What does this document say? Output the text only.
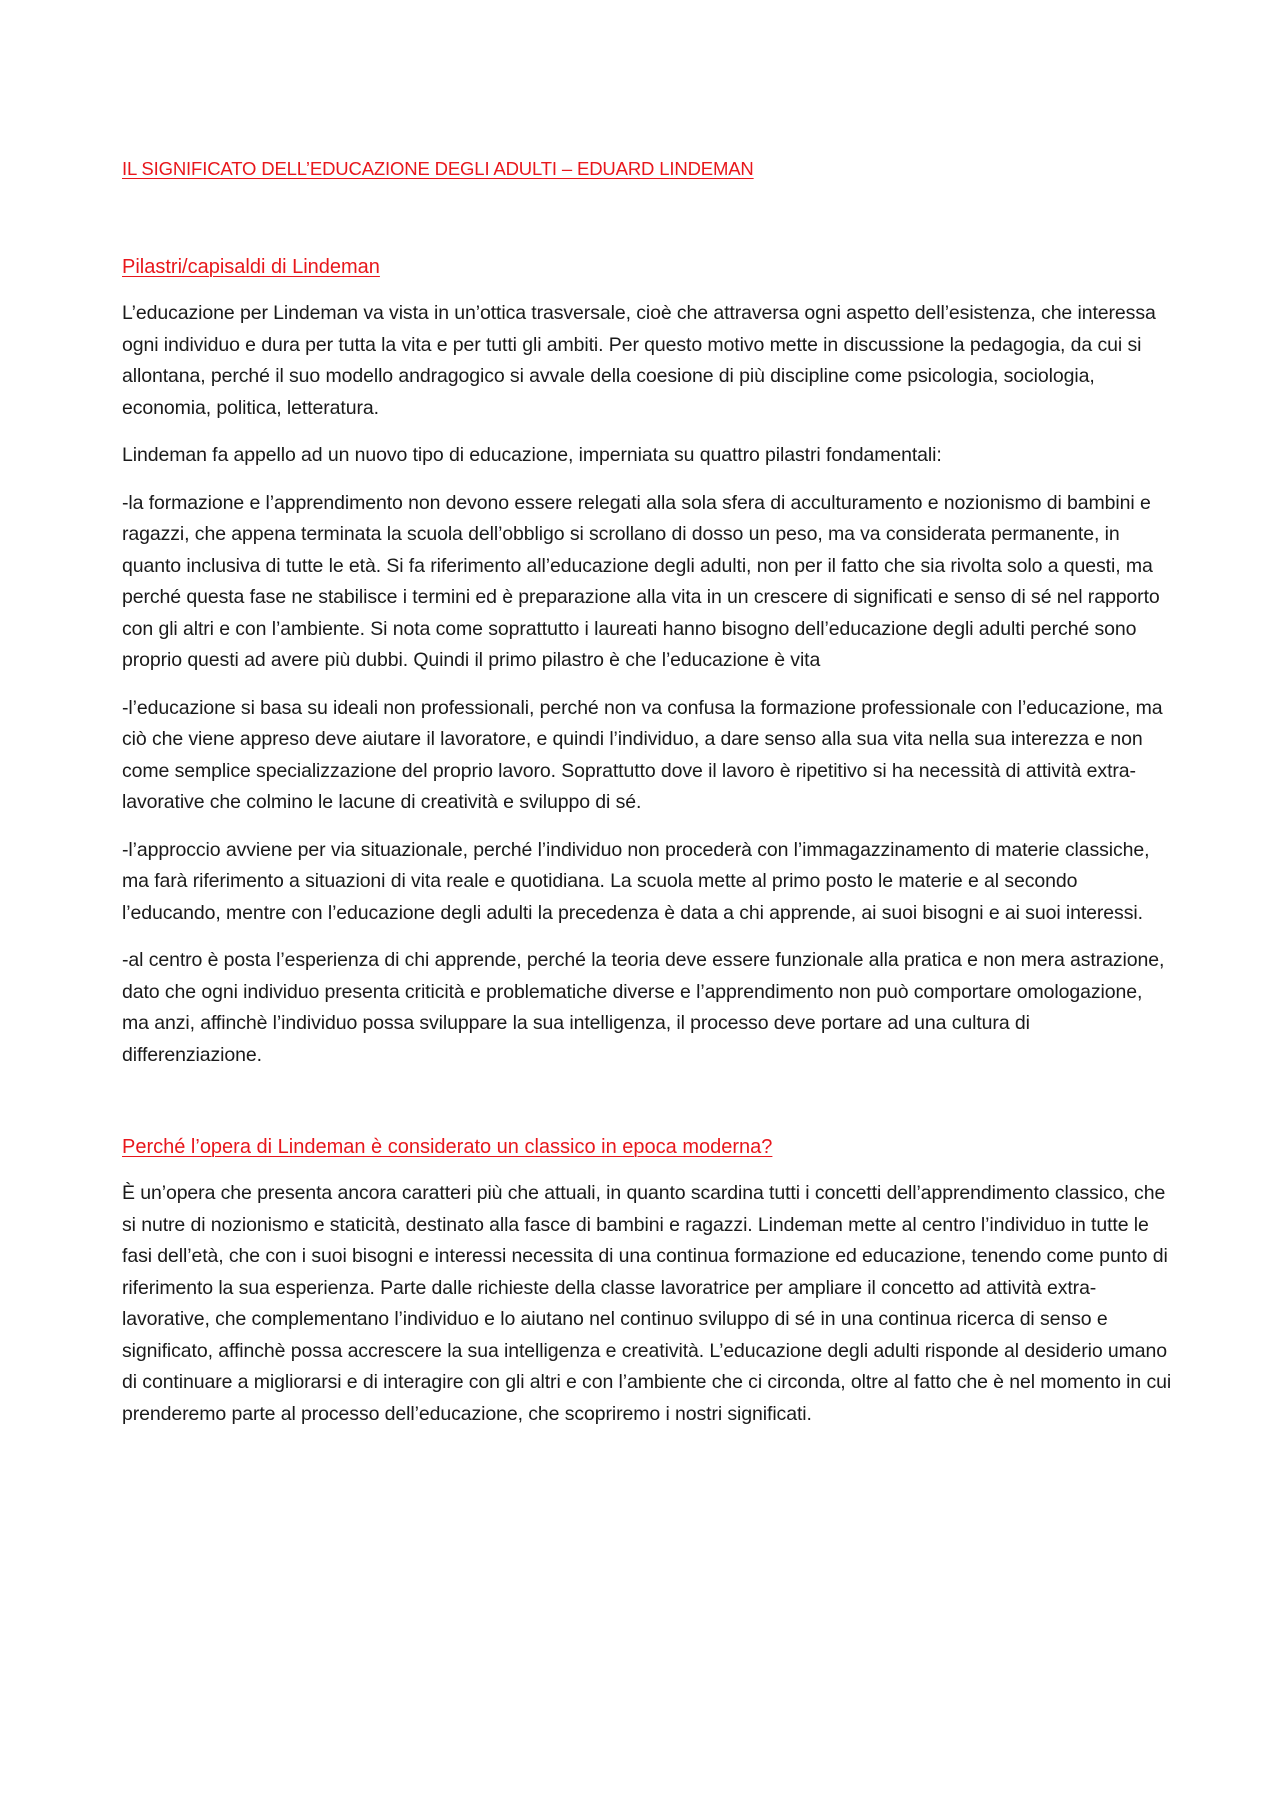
IL SIGNIFICATO DELL’EDUCAZIONE DEGLI ADULTI – EDUARD LINDEMAN
Pilastri/capisaldi di Lindeman

L’educazione per Lindeman va vista in un’ottica trasversale, cioè che attraversa ogni aspetto dell’esistenza, che interessa ogni individuo e dura per tutta la vita e per tutti gli ambiti. Per questo motivo mette in discussione la pedagogia, da cui si allontana, perché il suo modello andragogico si avvale della coesione di più discipline come psicologia, sociologia, economia, politica, letteratura.

Lindeman fa appello ad un nuovo tipo di educazione, imperniata su quattro pilastri fondamentali:

-la formazione e l’apprendimento non devono essere relegati alla sola sfera di acculturamento e nozionismo di bambini e ragazzi, che appena terminata la scuola dell’obbligo si scrollano di dosso un peso, ma va considerata permanente, in quanto inclusiva di tutte le età. Si fa riferimento all’educazione degli adulti, non per il fatto che sia rivolta solo a questi, ma perché questa fase ne stabilisce i termini ed è preparazione alla vita in un crescere di significati e senso di sé nel rapporto con gli altri e con l’ambiente. Si nota come soprattutto i laureati hanno bisogno dell’educazione degli adulti perché sono proprio questi ad avere più dubbi. Quindi il primo pilastro è che l’educazione è vita

-l’educazione si basa su ideali non professionali, perché non va confusa la formazione professionale con l’educazione, ma ciò che viene appreso deve aiutare il lavoratore, e quindi l’individuo, a dare senso alla sua vita nella sua interezza e non come semplice specializzazione del proprio lavoro. Soprattutto dove il lavoro è ripetitivo si ha necessità di attività extra-lavorative che colmino le lacune di creatività e sviluppo di sé.

-l’approccio avviene per via situazionale, perché l’individuo non procederà con l’immagazzinamento di materie classiche, ma farà riferimento a situazioni di vita reale e quotidiana. La scuola mette al primo posto le materie e al secondo l’educando, mentre con l’educazione degli adulti la precedenza è data a chi apprende, ai suoi bisogni e ai suoi interessi.

-al centro è posta l’esperienza di chi apprende, perché la teoria deve essere funzionale alla pratica e non mera astrazione, dato che ogni individuo presenta criticità e problematiche diverse e l’apprendimento non può comportare omologazione, ma anzi, affinchè l’individuo possa sviluppare la sua intelligenza, il processo deve portare ad una cultura di differenziazione.

Perché l’opera di Lindeman è considerato un classico in epoca moderna?

È un’opera che presenta ancora caratteri più che attuali, in quanto scardina tutti i concetti dell’apprendimento classico, che si nutre di nozionismo e staticità, destinato alla fasce di bambini e ragazzi. Lindeman mette al centro l’individuo in tutte le fasi dell’età, che con i suoi bisogni e interessi necessita di una continua formazione ed educazione, tenendo come punto di riferimento la sua esperienza. Parte dalle richieste della classe lavoratrice per ampliare il concetto ad attività extra-lavorative, che complementano l’individuo e lo aiutano nel continuo sviluppo di sé in una continua ricerca di senso e significato, affinchè possa accrescere la sua intelligenza e creatività. L’educazione degli adulti risponde al desiderio umano di continuare a migliorarsi e di interagire con gli altri e con l’ambiente che ci circonda, oltre al fatto che è nel momento in cui prenderemo parte al processo dell’educazione, che scopriremo i nostri significati.
